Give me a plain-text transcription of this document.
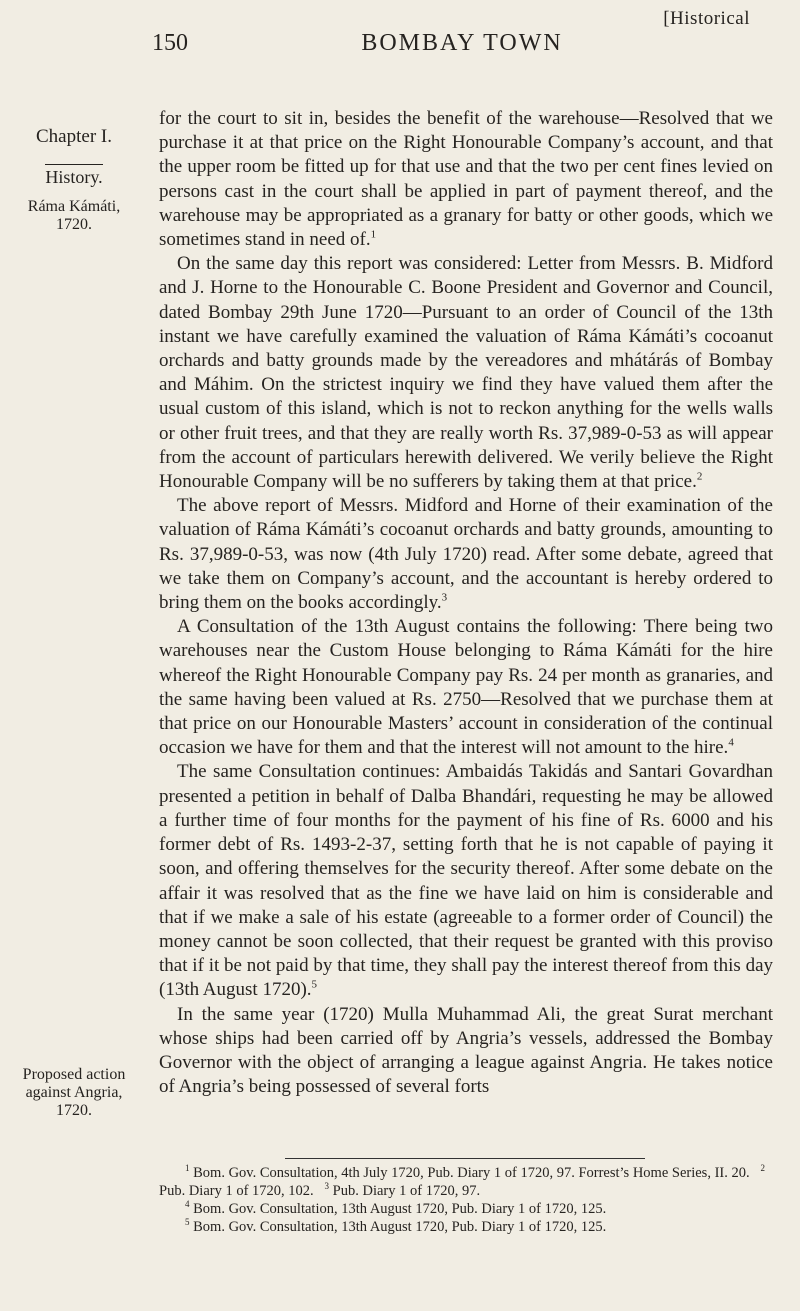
[Historical
150	BOMBAY TOWN
Chapter I.
History.
Ráma Kámáti,
1720.
Proposed action
against Angria,
1720.

for the court to sit in, besides the benefit of the warehouse—Resolved that we purchase it at that price on the Right Honourable Company’s account, and that the upper room be fitted up for that use and that the two per cent fines levied on persons cast in the court shall be applied in part of payment thereof, and the warehouse may be appropriated as a granary for batty or other goods, which we sometimes stand in need of.$^1$

On the same day this report was considered: Letter from Messrs. B. Midford and J. Horne to the Honourable C. Boone President and Governor and Council, dated Bombay 29th June 1720—Pursuant to an order of Council of the 13th instant we have carefully examined the valuation of Ráma Kámáti’s cocoanut orchards and batty grounds made by the vereadores and mhátárás of Bombay and Máhim. On the strictest inquiry we find they have valued them after the usual custom of this island, which is not to reckon anything for the wells walls or other fruit trees, and that they are really worth Rs. 37,989-0-53 as will appear from the account of particulars herewith delivered. We verily believe the Right Honourable Company will be no sufferers by taking them at that price.$^2$

The above report of Messrs. Midford and Horne of their examination of the valuation of Ráma Kámáti’s cocoanut orchards and batty grounds, amounting to Rs. 37,989-0-53, was now (4th July 1720) read. After some debate, agreed that we take them on Company’s account, and the accountant is hereby ordered to bring them on the books accordingly.$^3$

A Consultation of the 13th August contains the following: There being two warehouses near the Custom House belonging to Ráma Kámáti for the hire whereof the Right Honourable Company pay Rs. 24 per month as granaries, and the same having been valued at Rs. 2750—Resolved that we purchase them at that price on our Honourable Masters’ account in consideration of the continual occasion we have for them and that the interest will not amount to the hire.$^4$

The same Consultation continues: Ambaidás Takidás and Santari Govardhan presented a petition in behalf of Dalba Bhandári, requesting he may be allowed a further time of four months for the payment of his fine of Rs. 6000 and his former debt of Rs. 1493-2-37, setting forth that he is not capable of paying it soon, and offering themselves for the security thereof. After some debate on the affair it was resolved that as the fine we have laid on him is considerable and that if we make a sale of his estate (agreeable to a former order of Council) the money cannot be soon collected, that their request be granted with this proviso that if it be not paid by that time, they shall pay the interest thereof from this day (13th August 1720).$^5$

In the same year (1720) Mulla Muhammad Ali, the great Surat merchant whose ships had been carried off by Angria’s vessels, addressed the Bombay Governor with the object of arranging a league against Angria. He takes notice of Angria’s being possessed of several forts

$^1$ Bom. Gov. Consultation, 4th July 1720, Pub. Diary 1 of 1720, 97. Forrest’s Home Series, II. 20. $^2$ Pub. Diary 1 of 1720, 102. $^3$ Pub. Diary 1 of 1720, 97.

$^4$ Bom. Gov. Consultation, 13th August 1720, Pub. Diary 1 of 1720, 125.

$^5$ Bom. Gov. Consultation, 13th August 1720, Pub. Diary 1 of 1720, 125.
